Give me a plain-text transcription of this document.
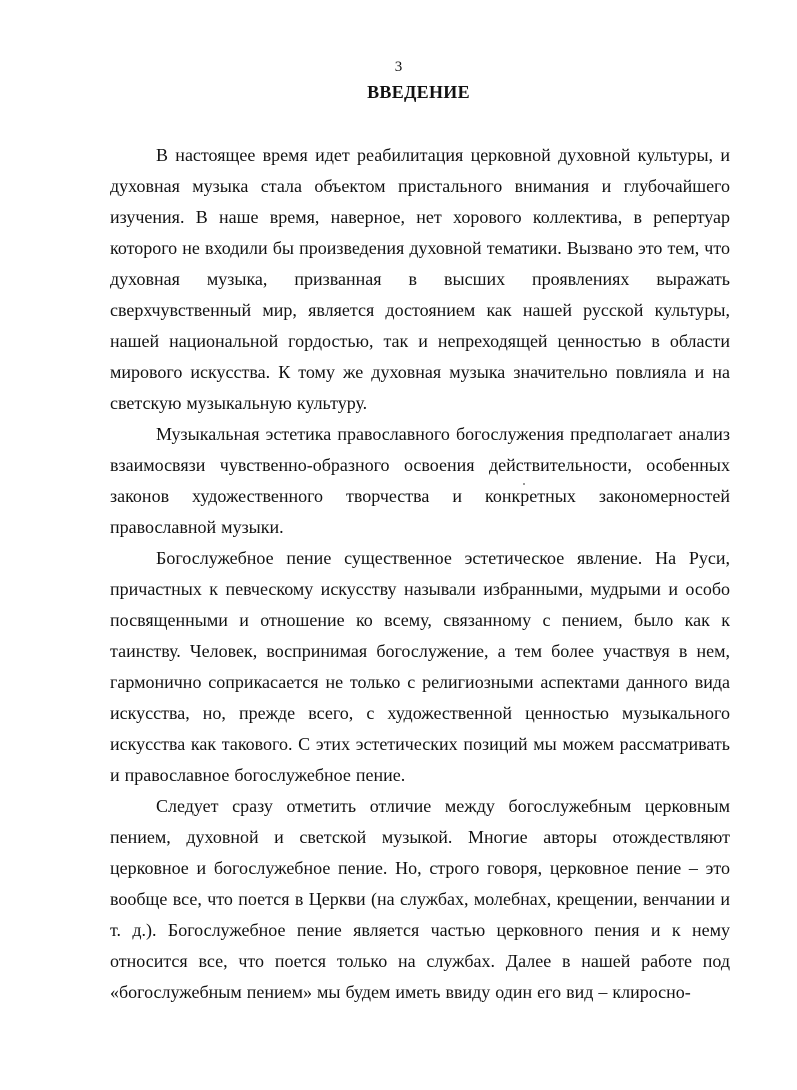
3
ВВЕДЕНИЕ

В настоящее время идет реабилитация церковной духовной культуры, и духовная музыка стала объектом пристального внимания и глубочайшего изучения. В наше время, наверное, нет хорового коллектива, в репертуар которого не входили бы произведения духовной тематики. Вызвано это тем, что духовная музыка, призванная в высших проявлениях выражать сверхчувственный мир, является достоянием как нашей русской культуры, нашей национальной гордостью, так и непреходящей ценностью в области мирового искусства. К тому же духовная музыка значительно повлияла и на светскую музыкальную культуру.

Музыкальная эстетика православного богослужения предполагает анализ взаимосвязи чувственно-образного освоения действительности, особенных законов художественного творчества и конкретных закономерностей православной музыки.

Богослужебное пение существенное эстетическое явление. На Руси, причастных к певческому искусству называли избранными, мудрыми и особо посвященными и отношение ко всему, связанному с пением, было как к таинству. Человек, воспринимая богослужение, а тем более участвуя в нем, гармонично соприкасается не только с религиозными аспектами данного вида искусства, но, прежде всего, с художественной ценностью музыкального искусства как такового. С этих эстетических позиций мы можем рассматривать и православное богослужебное пение.

Следует сразу отметить отличие между богослужебным церковным пением, духовной и светской музыкой. Многие авторы отождествляют церковное и богослужебное пение. Но, строго говоря, церковное пение – это вообще все, что поется в Церкви (на службах, молебнах, крещении, венчании и т. д.). Богослужебное пение является частью церковного пения и к нему относится все, что поется только на службах. Далее в нашей работе под «богослужебным пением» мы будем иметь ввиду один его вид – клиросно-
